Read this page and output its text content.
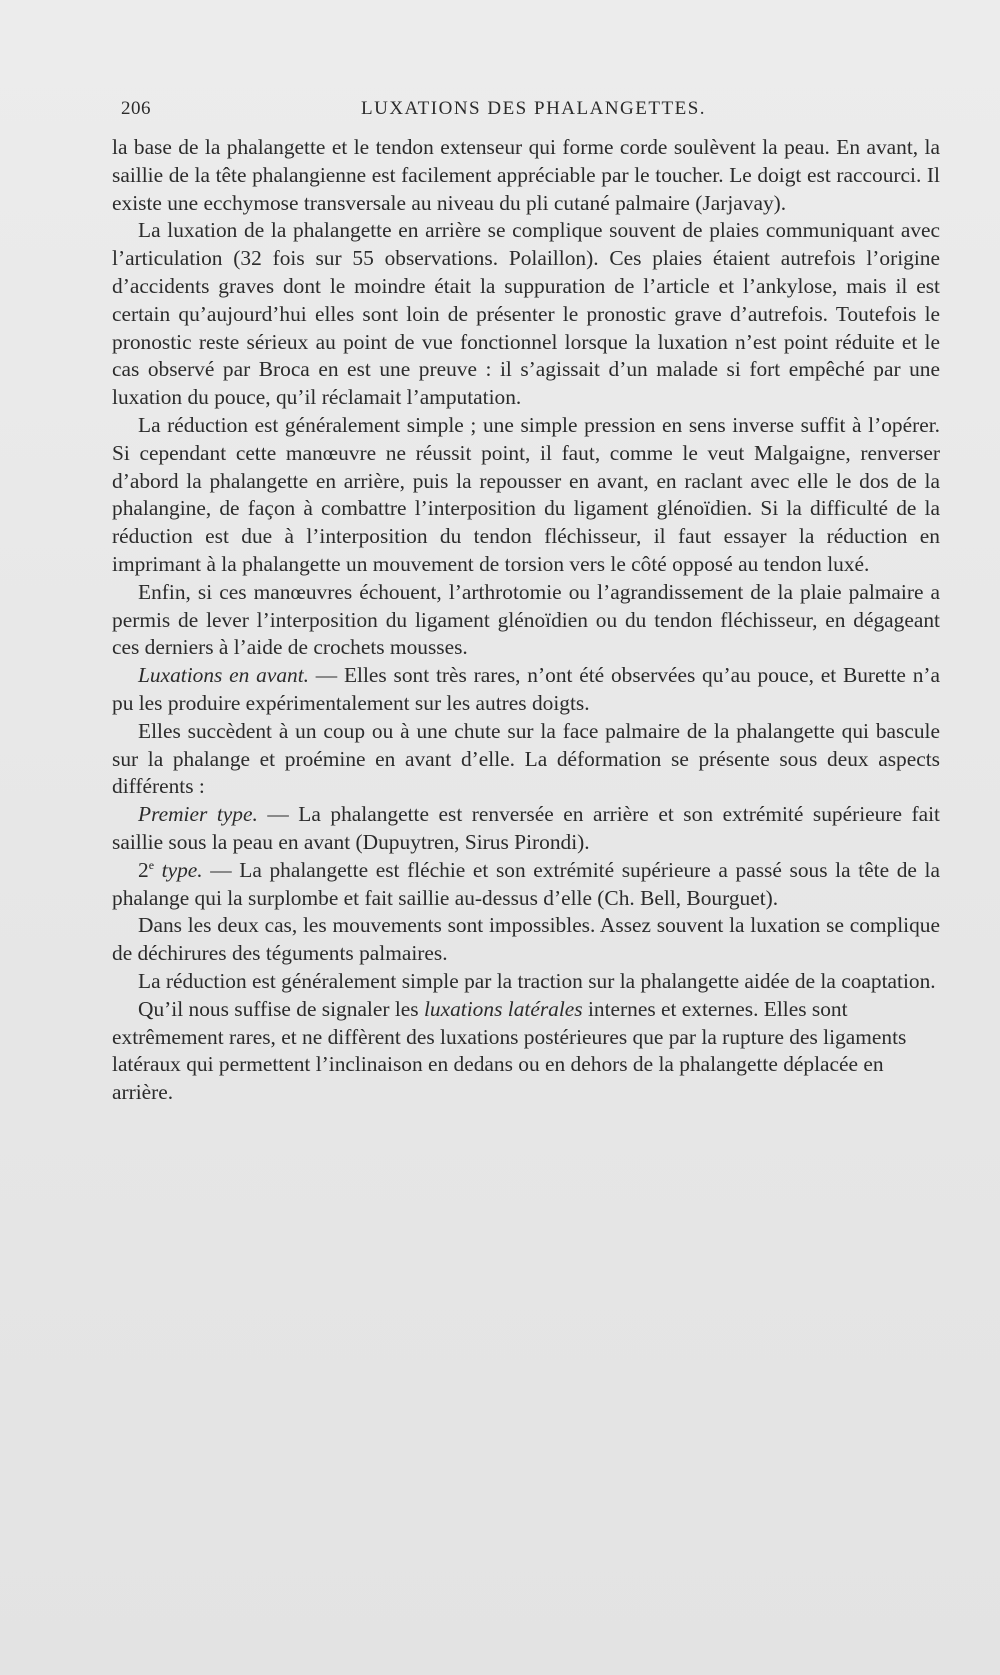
206	LUXATIONS DES PHALANGETTES.

la base de la phalangette et le tendon extenseur qui forme corde soulèvent la peau. En avant, la saillie de la tête phalangienne est facilement appréciable par le toucher. Le doigt est raccourci. Il existe une ecchymose transversale au niveau du pli cutané palmaire (Jarjavay).

La luxation de la phalangette en arrière se complique souvent de plaies communiquant avec l’articulation (32 fois sur 55 observations. Polaillon). Ces plaies étaient autrefois l’origine d’accidents graves dont le moindre était la suppuration de l’article et l’ankylose, mais il est certain qu’aujourd’hui elles sont loin de présenter le pronostic grave d’autrefois. Toutefois le pronostic reste sérieux au point de vue fonctionnel lorsque la luxation n’est point réduite et le cas observé par Broca en est une preuve : il s’agissait d’un malade si fort empêché par une luxation du pouce, qu’il réclamait l’amputation.

La réduction est généralement simple ; une simple pression en sens inverse suffit à l’opérer. Si cependant cette manœuvre ne réussit point, il faut, comme le veut Malgaigne, renverser d’abord la phalangette en arrière, puis la repousser en avant, en raclant avec elle le dos de la phalangine, de façon à combattre l’interposition du ligament glénoïdien. Si la difficulté de la réduction est due à l’interposition du tendon fléchisseur, il faut essayer la réduction en imprimant à la phalangette un mouvement de torsion vers le côté opposé au tendon luxé.

Enfin, si ces manœuvres échouent, l’arthrotomie ou l’agrandissement de la plaie palmaire a permis de lever l’interposition du ligament glénoïdien ou du tendon fléchisseur, en dégageant ces derniers à l’aide de crochets mousses.

Luxations en avant. — Elles sont très rares, n’ont été observées qu’au pouce, et Burette n’a pu les produire expérimentalement sur les autres doigts.

Elles succèdent à un coup ou à une chute sur la face palmaire de la phalangette qui bascule sur la phalange et proémine en avant d’elle. La déformation se présente sous deux aspects différents :

Premier type. — La phalangette est renversée en arrière et son extrémité supérieure fait saillie sous la peau en avant (Dupuytren, Sirus Pirondi).

2e type. — La phalangette est fléchie et son extrémité supérieure a passé sous la tête de la phalange qui la surplombe et fait saillie au-dessus d’elle (Ch. Bell, Bourguet).

Dans les deux cas, les mouvements sont impossibles. Assez souvent la luxation se complique de déchirures des téguments palmaires.

La réduction est généralement simple par la traction sur la phalangette aidée de la coaptation.

Qu’il nous suffise de signaler les luxations latérales internes et externes. Elles sont extrêmement rares, et ne diffèrent des luxations postérieures que par la rupture des ligaments latéraux qui permettent l’inclinaison en dedans ou en dehors de la phalangette déplacée en arrière.
